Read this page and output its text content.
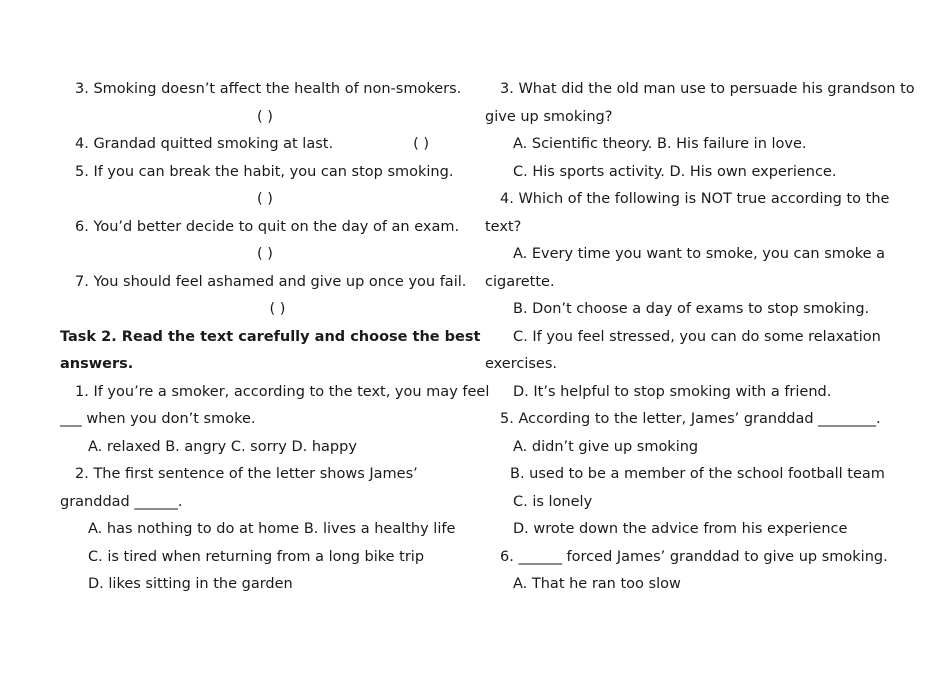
3. Smoking doesn’t affect the health of non-smokers.
( )
4. Grandad quitted smoking at last.	( )
5. If you can break the habit, you can stop smoking.
( )
6. You’d better decide to quit on the day of an exam.
( )
7. You should feel ashamed and give up once you fail.
( )
Task 2. Read the text carefully and choose the best
answers.
1. If you’re a smoker, according to the text, you may feel
___ when you don’t smoke.
A. relaxed B. angry C. sorry D. happy
2. The first sentence of the letter shows James’
granddad ______.
A. has nothing to do at home B. lives a healthy life
C. is tired when returning from a long bike trip
D. likes sitting in the garden
3. What did the old man use to persuade his grandson to
give up smoking?
A. Scientific theory. B. His failure in love.
C. His sports activity. D. His own experience.
4. Which of the following is NOT true according to the
text?
A. Every time you want to smoke, you can smoke a
cigarette.
B. Don’t choose a day of exams to stop smoking.
C. If you feel stressed, you can do some relaxation
exercises.
D. It’s helpful to stop smoking with a friend.
5. According to the letter, James’ granddad ________.
A. didn’t give up smoking
B. used to be a member of the school football team
C. is lonely
D. wrote down the advice from his experience
6. ______ forced James’ granddad to give up smoking.
A. That he ran too slow
